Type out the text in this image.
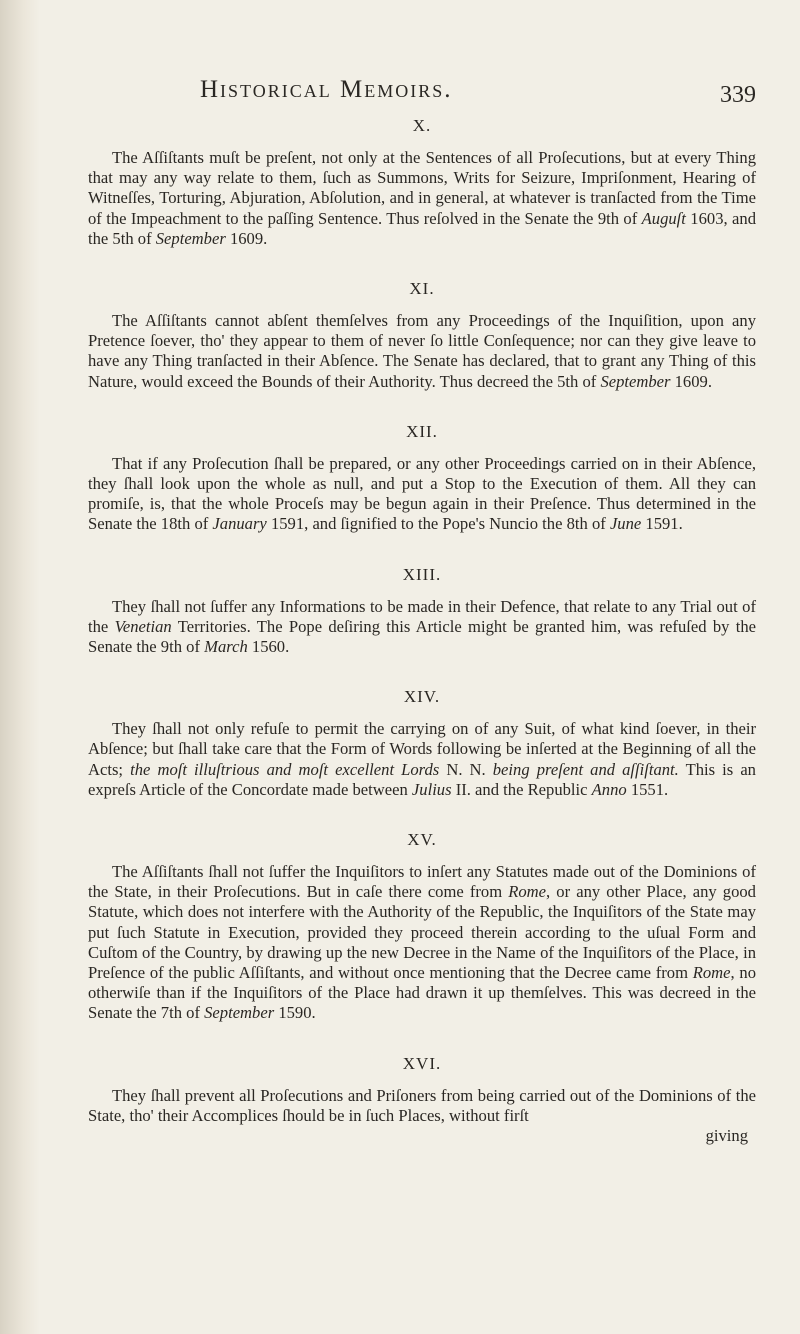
Historical Memoirs.	339

X.

The Aſſiſtants muſt be preſent, not only at the Sentences of all Proſecutions, but at every Thing that may any way relate to them, ſuch as Summons, Writs for Seizure, Impriſonment, Hearing of Witneſſes, Torturing, Abjuration, Abſolution, and in general, at whatever is tranſacted from the Time of the Impeachment to the paſſing Sentence. Thus reſolved in the Senate the 9th of Auguſt 1603, and the 5th of September 1609.

XI.

The Aſſiſtants cannot abſent themſelves from any Proceedings of the Inquiſition, upon any Pretence ſoever, tho' they appear to them of never ſo little Conſequence; nor can they give leave to have any Thing tranſacted in their Abſence. The Senate has declared, that to grant any Thing of this Nature, would exceed the Bounds of their Authority. Thus decreed the 5th of September 1609.

XII.

That if any Proſecution ſhall be prepared, or any other Proceedings carried on in their Abſence, they ſhall look upon the whole as null, and put a Stop to the Execution of them. All they can promiſe, is, that the whole Proceſs may be begun again in their Preſence. Thus determined in the Senate the 18th of January 1591, and ſignified to the Pope's Nuncio the 8th of June 1591.

XIII.

They ſhall not ſuffer any Informations to be made in their Defence, that relate to any Trial out of the Venetian Territories. The Pope deſiring this Article might be granted him, was refuſed by the Senate the 9th of March 1560.

XIV.

They ſhall not only refuſe to permit the carrying on of any Suit, of what kind ſoever, in their Abſence; but ſhall take care that the Form of Words following be inſerted at the Beginning of all the Acts; the moſt illuſtrious and moſt excellent Lords N. N. being preſent and aſſiſtant. This is an expreſs Article of the Concordate made between Julius II. and the Republic Anno 1551.

XV.

The Aſſiſtants ſhall not ſuffer the Inquiſitors to inſert any Statutes made out of the Dominions of the State, in their Proſecutions. But in caſe there come from Rome, or any other Place, any good Statute, which does not interfere with the Authority of the Republic, the Inquiſitors of the State may put ſuch Statute in Execution, provided they proceed therein according to the uſual Form and Cuſtom of the Country, by drawing up the new Decree in the Name of the Inquiſitors of the Place, in Preſence of the public Aſſiſtants, and without once mentioning that the Decree came from Rome, no otherwiſe than if the Inquiſitors of the Place had drawn it up themſelves. This was decreed in the Senate the 7th of September 1590.

XVI.

They ſhall prevent all Proſecutions and Priſoners from being carried out of the Dominions of the State, tho' their Accomplices ſhould be in ſuch Places, without firſt

giving
